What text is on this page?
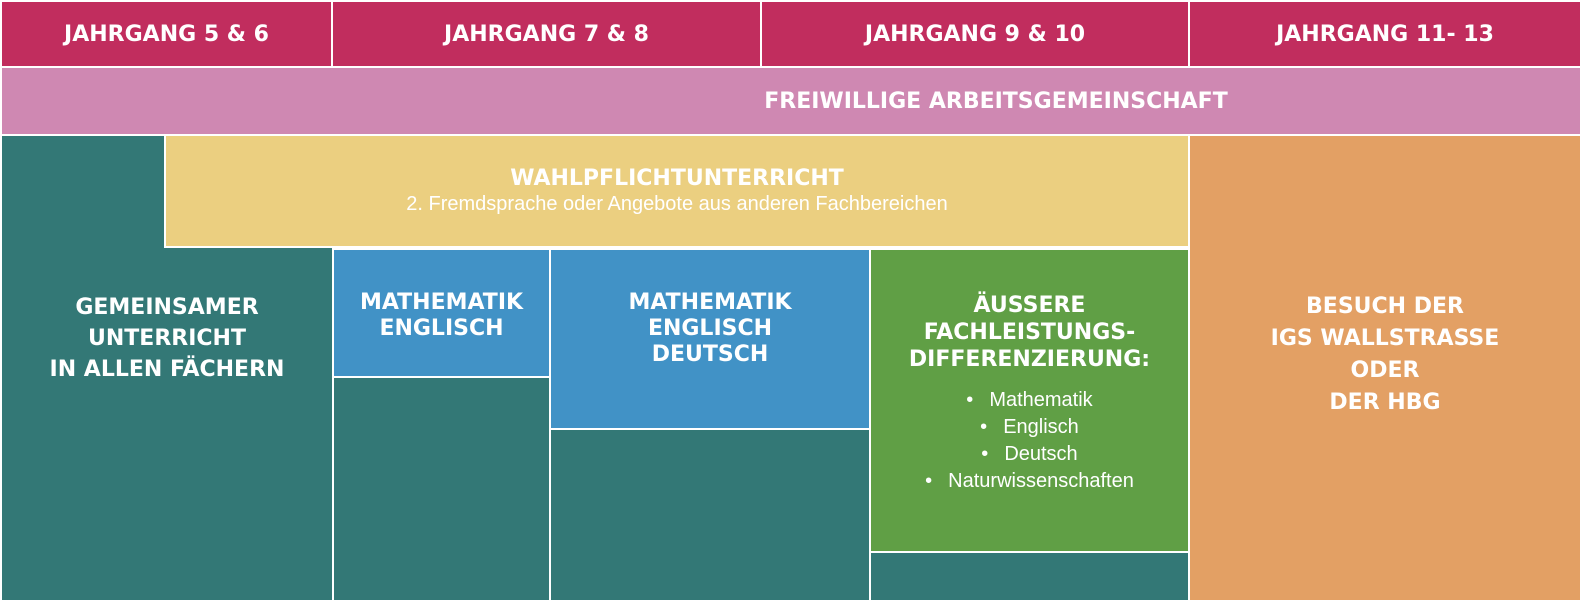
JAHRGANG 5 & 6	JAHRGANG 7 & 8	JAHRGANG 9 & 10	JAHRGANG 11- 13
FREIWILLIGE ARBEITSGEMEINSCHAFT
GEMEINSAMER
UNTERRICHT
IN ALLEN FÄCHERN
WAHLPFLICHTUNTERRICHT
2. Fremdsprache oder Angebote aus anderen Fachbereichen
MATHEMATIK
ENGLISCH
MATHEMATIK
ENGLISCH
DEUTSCH
ÄUSSERE
FACHLEISTUNGS-
DIFFERENZIERUNG:
• Mathematik
• Englisch
• Deutsch
• Naturwissenschaften
BESUCH DER
IGS WALLSTRASSE
ODER
DER HBG
